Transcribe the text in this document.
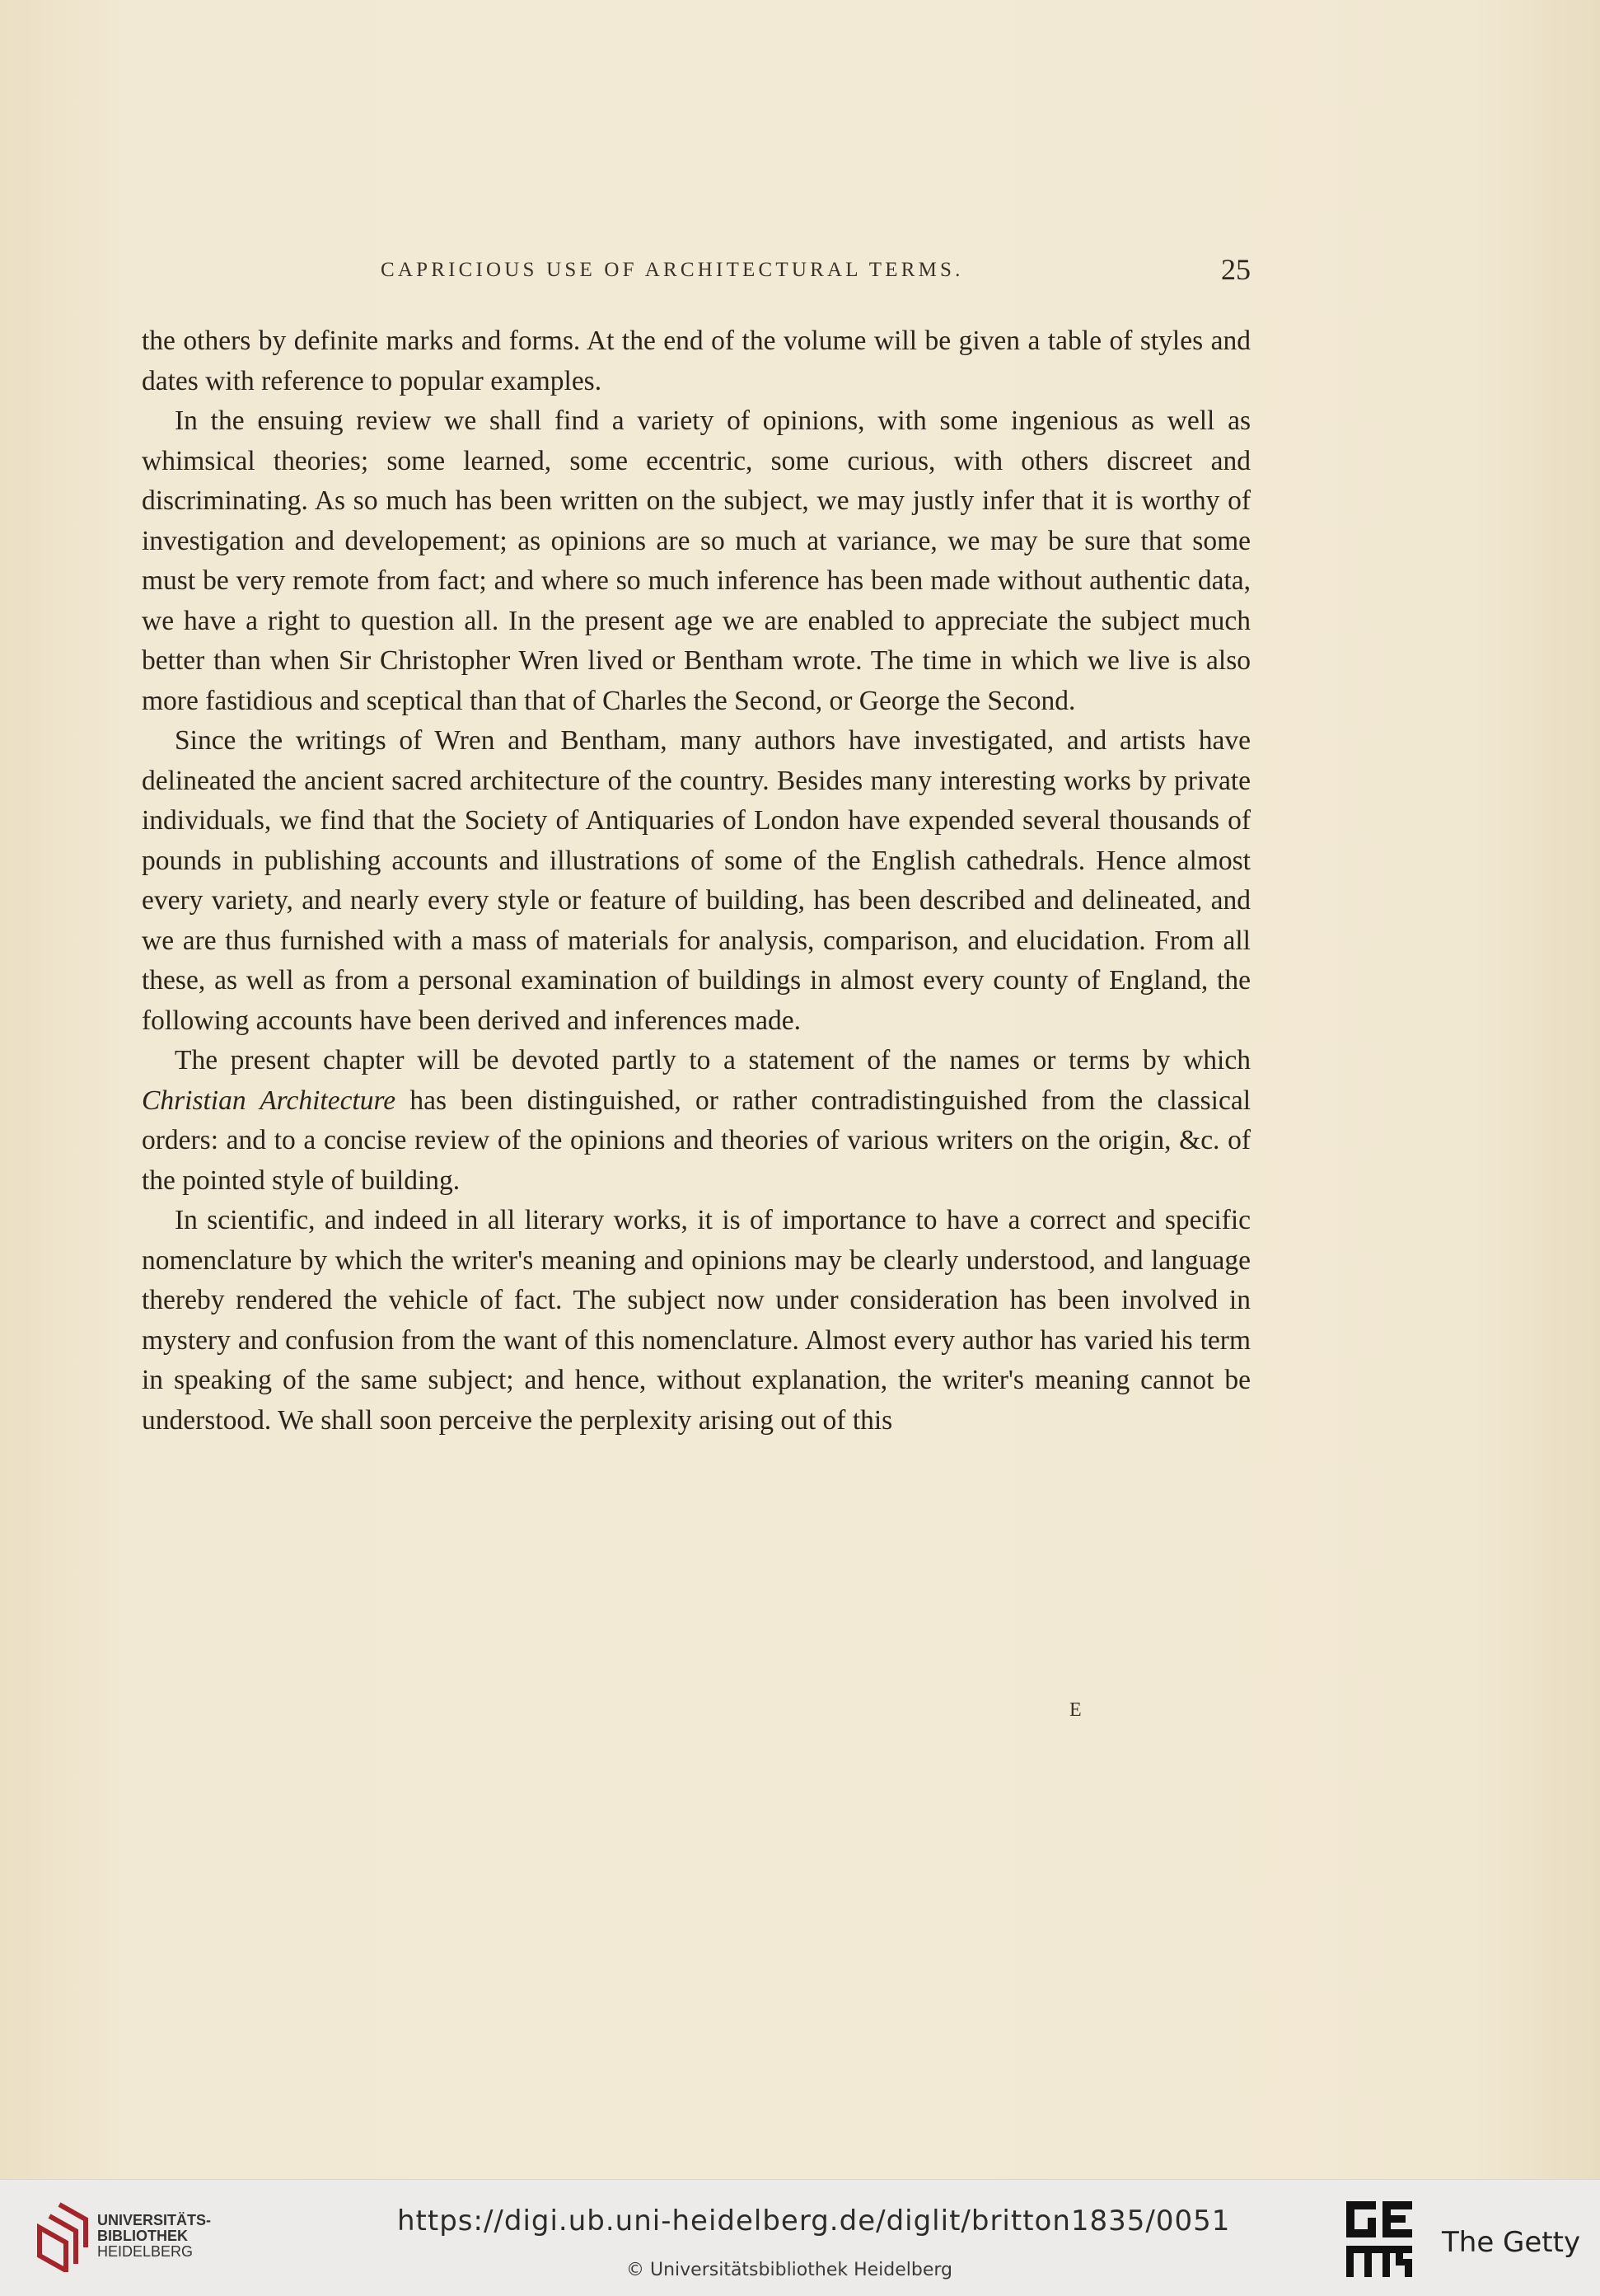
CAPRICIOUS USE OF ARCHITECTURAL TERMS.	25

the others by definite marks and forms. At the end of the volume will be given a table of styles and dates with reference to popular examples.

In the ensuing review we shall find a variety of opinions, with some ingenious as well as whimsical theories; some learned, some eccentric, some curious, with others discreet and discriminating. As so much has been written on the subject, we may justly infer that it is worthy of investigation and developement; as opinions are so much at variance, we may be sure that some must be very remote from fact; and where so much inference has been made without authentic data, we have a right to question all. In the present age we are enabled to appreciate the subject much better than when Sir Christopher Wren lived or Bentham wrote. The time in which we live is also more fastidious and sceptical than that of Charles the Second, or George the Second.

Since the writings of Wren and Bentham, many authors have investigated, and artists have delineated the ancient sacred architecture of the country. Besides many interesting works by private individuals, we find that the Society of Antiquaries of London have expended several thousands of pounds in publishing accounts and illustrations of some of the English cathedrals. Hence almost every variety, and nearly every style or feature of building, has been described and delineated, and we are thus furnished with a mass of materials for analysis, comparison, and elucidation. From all these, as well as from a personal examination of buildings in almost every county of England, the following accounts have been derived and inferences made.

The present chapter will be devoted partly to a statement of the names or terms by which Christian Architecture has been distinguished, or rather contradistinguished from the classical orders: and to a concise review of the opinions and theories of various writers on the origin, &c. of the pointed style of building.

In scientific, and indeed in all literary works, it is of importance to have a correct and specific nomenclature by which the writer's meaning and opinions may be clearly understood, and language thereby rendered the vehicle of fact. The subject now under consideration has been involved in mystery and confusion from the want of this nomenclature. Almost every author has varied his term in speaking of the same subject; and hence, without explanation, the writer's meaning cannot be understood. We shall soon perceive the perplexity arising out of this

E
UNIVERSITÄTS-
BIBLIOTHEK
HEIDELBERG
https://digi.ub.uni-heidelberg.de/diglit/britton1835/0051
© Universitätsbibliothek Heidelberg
The Getty
